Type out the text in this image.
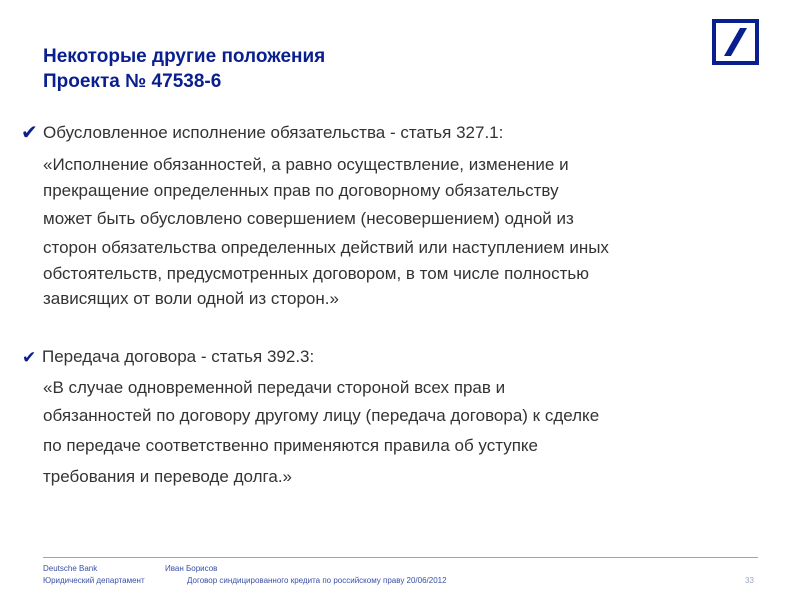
Некоторые другие положения
Проекта № 47538-6
✔ Обусловленное исполнение обязательства - статья 327.1:
«Исполнение обязанностей, а равно осуществление, изменение и
прекращение определенных прав по договорному обязательству
может быть обусловлено совершением (несовершением) одной из
сторон обязательства определенных действий или наступлением иных
обстоятельств, предусмотренных договором, в том числе полностью
зависящих от воли одной из сторон.»
✔ Передача договора - статья 392.3:
«В случае одновременной передачи стороной всех прав и
обязанностей по договору другому лицу (передача договора) к сделке
по передаче соответственно применяются правила об уступке
требования и переводе долга.»
Deutsche Bank	Иван Борисов
Юридический департамент	Договор синдицированного кредита по российскому праву 20/06/2012	33
